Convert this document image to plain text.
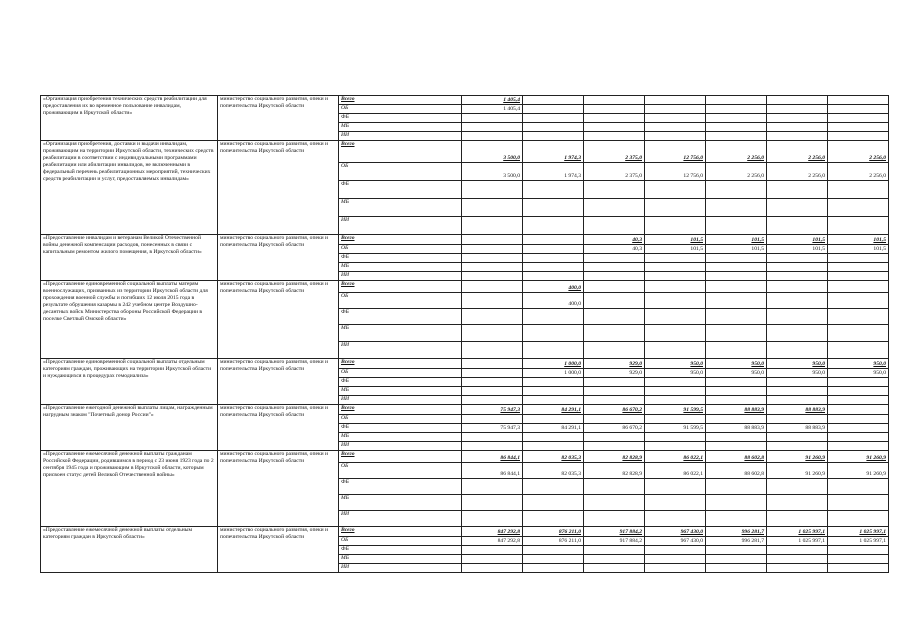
«Организация приобретения технических средств реабилитации для предоставления их во временное пользование инвалидам, проживающим в Иркутской области»	министерство социального развития, опеки и попечительства Иркутской области	Всего	1 405,4						
		ОБ	1 405,4						
		ФБ							
		МБ							
		ИИ							
«Организация приобретения, доставки и выдачи инвалидам, проживающим на территории Иркутской области, технических средств реабилитации в соответствии с индивидуальными программами реабилитации или абилитации инвалидов, не включенными в федеральный перечень реабилитационных мероприятий, технических средств реабилитации и услуг, предоставляемых инвалидам»	министерство социального развития, опеки и попечительства Иркутской области	Всего	3 500,0	1 974,3	2 375,0	12 756,0	2 256,0	2 256,0	2 256,0
		ОБ	3 500,0	1 974,3	2 375,0	12 756,0	2 256,0	2 256,0	2 256,0
		ФБ							
		МБ							
		ИИ							
«Предоставление инвалидам и ветеранам Великой Отечественной войны денежной компенсации расходов, понесенных в связи с капитальным ремонтом жилого помещения, в Иркутской области»	министерство социального развития, опеки и попечительства Иркутской области	Всего			40,3	101,5	101,5	101,5	101,5
		ОБ			40,3	101,5	101,5	101,5	101,5
		ФБ							
		МБ							
		ИИ							
«Предоставление единовременной социальной выплаты матерям военнослужащих, призванных из территории Иркутской области для прохождения военной службы и погибших 12 июля 2015 года в результате обрушения казармы в 242 учебном центре Воздушно-десантных войск Министерства обороны Российской Федерации в поселке Светлый Омской области»	министерство социального развития, опеки и попечительства Иркутской области	Всего		400,0					
		ОБ		400,0					
		ФБ							
		МБ							
		ИИ							
«Предоставление единовременной социальной выплаты отдельным категориям граждан, проживающих на территории Иркутской области и нуждающихся в процедурах гемодиализа»	министерство социального развития, опеки и попечительства Иркутской области	Всего		1 000,0	929,0	950,0	950,0	950,0	950,0
		ОБ		1 000,0	929,0	950,0	950,0	950,0	950,0
		ФБ							
		МБ							
		ИИ							
«Предоставление ежегодной денежной выплаты лицам, награжденным нагрудным знаком "Почетный донор России"»	министерство социального развития, опеки и попечительства Иркутской области	Всего	75 947,3	84 291,1	86 670,2	91 599,5	88 883,9	88 883,9	
		ОБ							
		ФБ	75 947,3	84 291,1	86 670,2	91 599,5	88 883,9	88 883,9	
		МБ							
		ИИ							
«Предоставление ежемесячной денежной выплаты гражданам Российской Федерации, родившимся в период с 23 июня 1923 года по 2 сентября 1945 года и проживающим в Иркутской области, которым присвоен статус детей Великой Отечественной войны»	министерство социального развития, опеки и попечительства Иркутской области	Всего	86 844,1	82 035,3	82 828,9	86 022,1	88 602,8	91 260,9	91 260,9
		ОБ	86 844,1	82 035,3	82 828,9	86 022,1	88 602,8	91 260,9	91 260,9
		ФБ							
		МБ							
		ИИ							
«Предоставление ежемесячной денежной выплаты отдельным категориям граждан в Иркутской области»	министерство социального развития, опеки и попечительства Иркутской области	Всего	847 292,8	876 211,0	917 884,2	967 430,0	996 281,7	1 025 997,1	1 025 997,1
		ОБ	847 292,8	876 211,0	917 884,2	967 430,0	996 281,7	1 025 997,1	1 025 997,1
		ФБ							
		МБ							
		ИИ							
